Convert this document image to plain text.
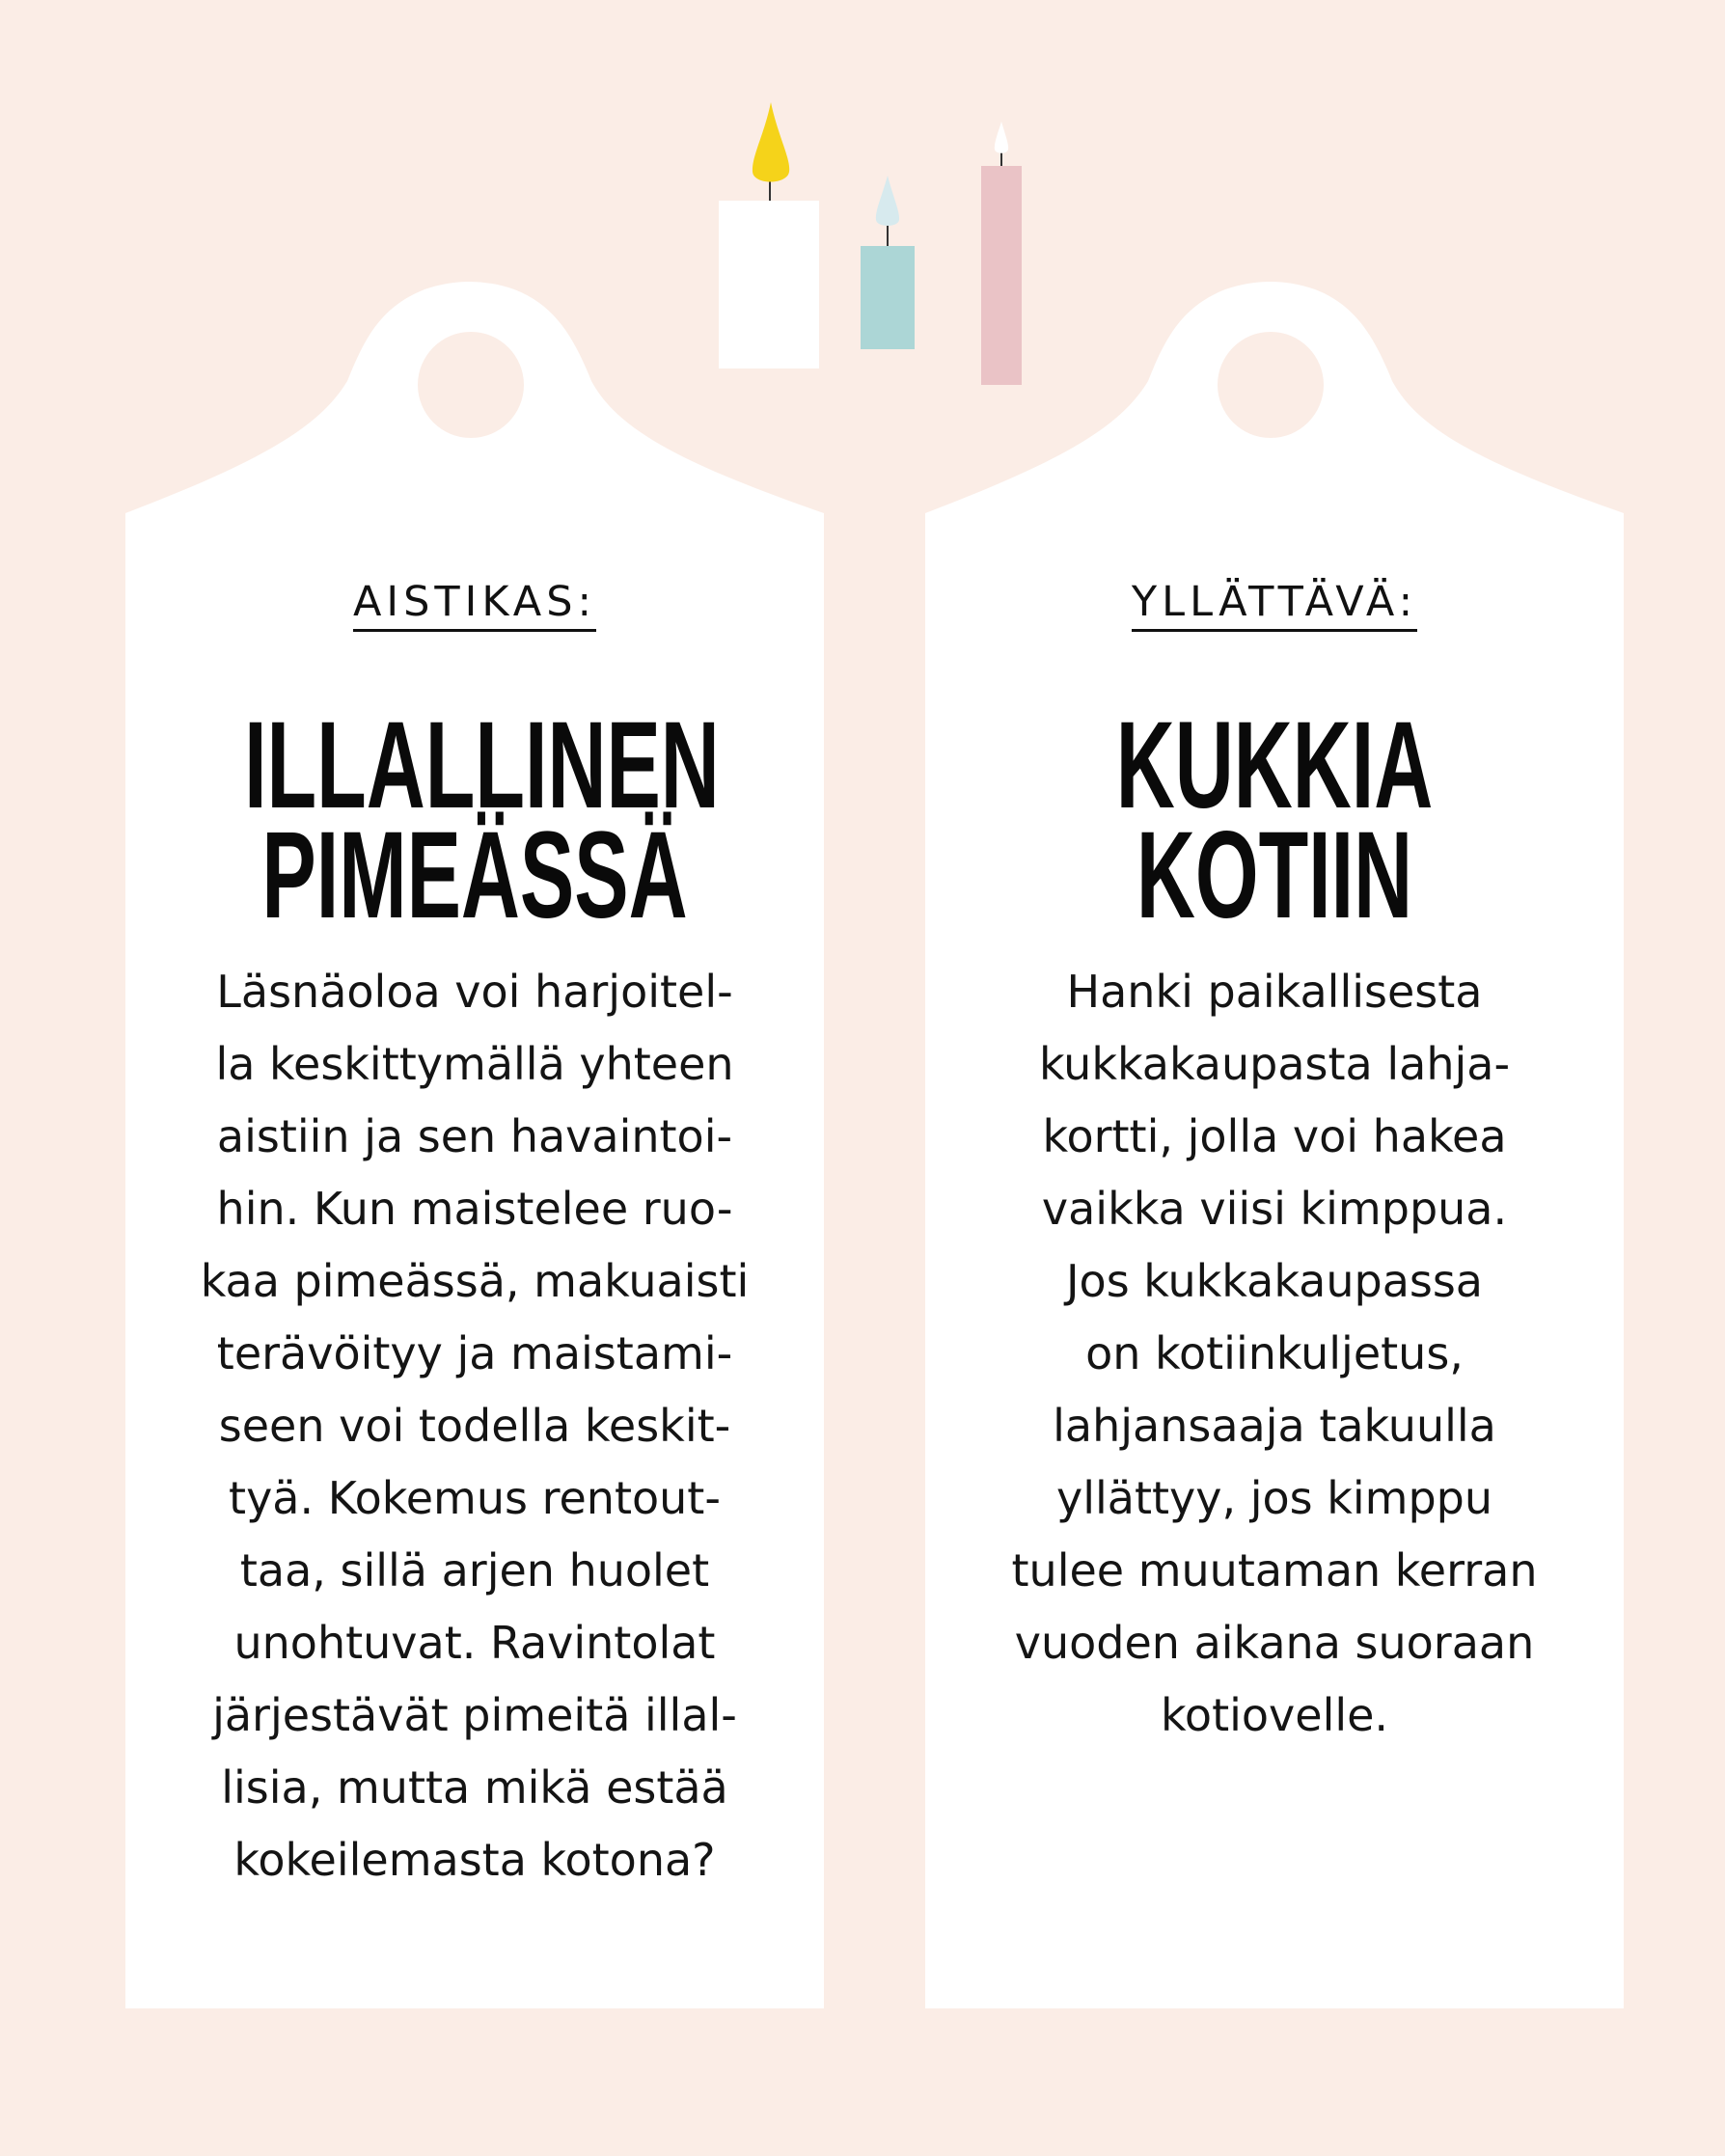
AISTIKAS:
ILLALLINEN
PIMEÄSSÄ
Läsnäoloa voi harjoitel-
la keskittymällä yhteen
aistiin ja sen havaintoi-
hin. Kun maistelee ruo-
kaa pimeässä, makuaisti
terävöityy ja maistami-
seen voi todella keskit-
tyä. Kokemus rentout-
taa, sillä arjen huolet
unohtuvat. Ravintolat
järjestävät pimeitä illal-
lisia, mutta mikä estää
kokeilemasta kotona?
YLLÄTTÄVÄ:
KUKKIA
KOTIIN
Hanki paikallisesta
kukkakaupasta lahja-
kortti, jolla voi hakea
vaikka viisi kimppua.
Jos kukkakaupassa
on kotiinkuljetus,
lahjansaaja takuulla
yllättyy, jos kimppu
tulee muutaman kerran
vuoden aikana suoraan
kotiovelle.
